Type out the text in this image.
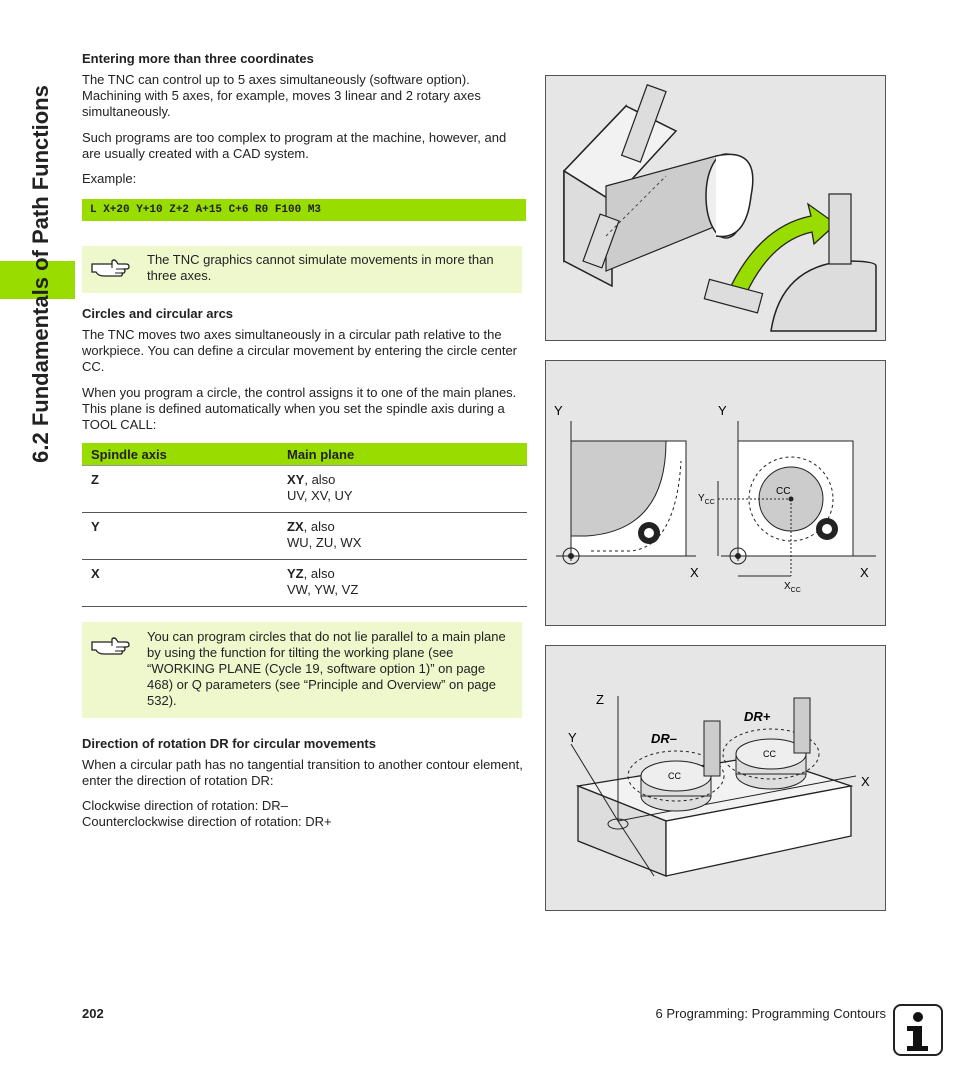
6.2 Fundamentals of Path Functions
Entering more than three coordinates

The TNC can control up to 5 axes simultaneously (software option). Machining with 5 axes, for example, moves 3 linear and 2 rotary axes simultaneously.

Such programs are too complex to program at the machine, however, and are usually created with a CAD system.

Example:

L X+20 Y+10 Z+2 A+15 C+6 R0 F100 M3
The TNC graphics cannot simulate movements in more than three axes.
Circles and circular arcs

The TNC moves two axes simultaneously in a circular path relative to the workpiece. You can define a circular movement by entering the circle center CC.

When you program a circle, the control assigns it to one of the main planes. This plane is defined automatically when you set the spindle axis during a TOOL CALL:

Spindle axis	Main plane
Z	XY, also
UV, XV, UY
Y	ZX, also
WU, ZU, WX
X	YZ, also
VW, YW, VZ
You can program circles that do not lie parallel to a main plane by using the function for tilting the working plane (see “WORKING PLANE (Cycle 19, software option 1)” on page 468) or Q parameters (see “Principle and Overview” on page 532).
Direction of rotation DR for circular movements

When a circular path has no tangential transition to another contour element, enter the direction of rotation DR:

Clockwise direction of rotation: DR–
Counterclockwise direction of rotation: DR+

Y
X
Y
X
CC
$Y_{CC}$
$X_{CC}$
Z
Y
X
CC
CC
DR–
DR+
202	6 Programming: Programming Contours
